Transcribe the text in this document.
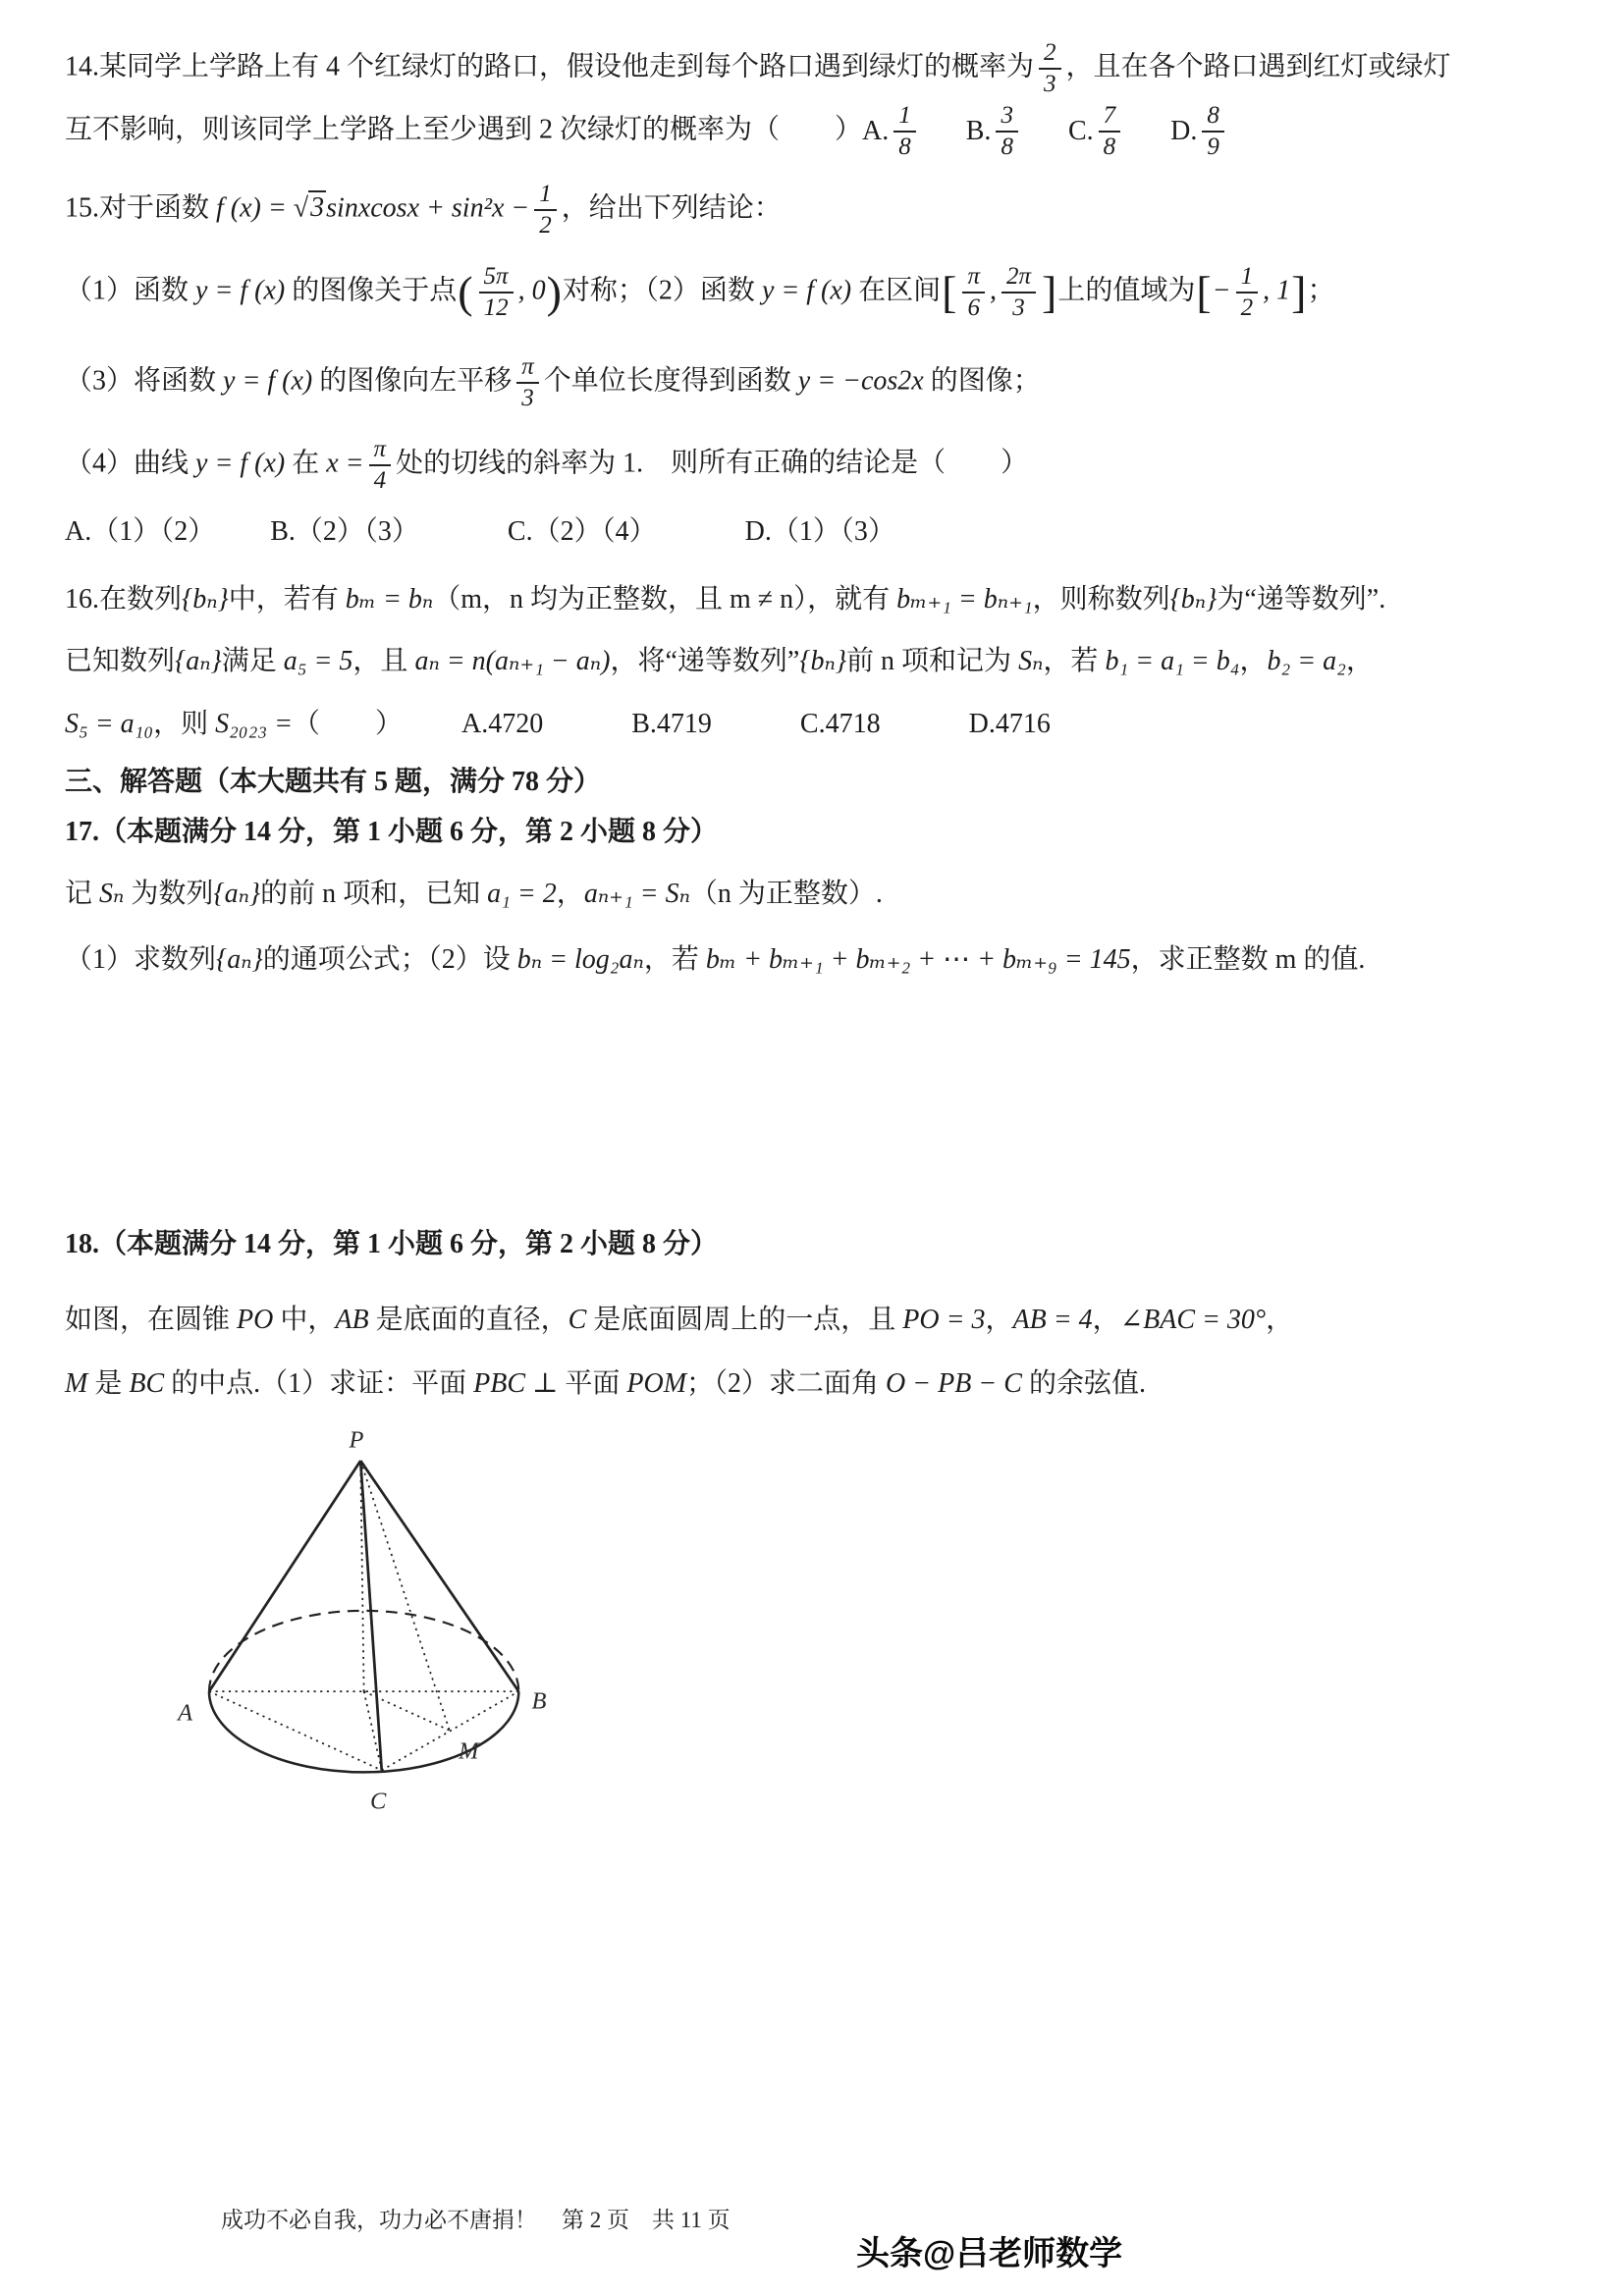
14.某同学上学路上有 4 个红绿灯的路口，假设他走到每个路口遇到绿灯的概率为 $\frac{2}{3}$ ，且在各个路口遇到红灯或绿灯
互不影响，则该同学上学路上至少遇到 2 次绿灯的概率为（　　） A. $\frac{1}{8} B$. $\frac{3}{8} C$. $\frac{7}{8} D$. $\frac{8}{9}$
15.对于函数 f (x) = √3sinxcosx + $\sin^2x - \frac{1}{2}$ ，给出下列结论：
（1）函数 y = f (x) 的图像关于点( $\frac{5\pi}{12}$ , 0)对称；（2）函数 y = f (x) 在区间[ $\frac{\pi}{6}$ , $\frac{2\pi}{3}$ ]上的值域为[− $\frac{1}{2}$ , 1]；
（3）将函数 y = f (x) 的图像向左平移 $\frac{\pi}{3}$ 个单位长度得到函数 y = −cos2x 的图像；
（4）曲线 y = f (x) 在 $x = \frac{\pi}{4}$ 处的切线的斜率为 1. 则所有正确的结论是（　　）
A.（1）（2） B.（2）（3）	C.（2）（4）	D.（1）（3）
16.在数列{bₙ}中，若有 bₘ = bₙ（m，n 均为正整数，且 m ≠ n），就有 bₘ₊₁ = bₙ₊₁，则称数列{bₙ}为“递等数列”.
已知数列{aₙ}满足 a₅ = 5，且 aₙ = n(aₙ₊₁ − aₙ)，将“递等数列”{bₙ}前 n 项和记为 Sₙ，若 b₁ = a₁ = b₄，b₂ = a₂，
S₅ = a₁₀，则 S₂₀₂₃ =（　　） A.4720	B.4719	C.4718	D.4716
三、解答题（本大题共有 5 题，满分 78 分）
17.（本题满分 14 分，第 1 小题 6 分，第 2 小题 8 分）
记 Sₙ 为数列{aₙ}的前 n 项和，已知 a₁ = 2，aₙ₊₁ = Sₙ（n 为正整数）.
（1）求数列{aₙ}的通项公式；（2）设 bₙ = log₂aₙ，若 bₘ + bₘ₊₁ + bₘ₊₂ + ⋯ + bₘ₊₉ = 145，求正整数 m 的值.
18.（本题满分 14 分，第 1 小题 6 分，第 2 小题 8 分）
如图，在圆锥 PO 中，AB 是底面的直径，C 是底面圆周上的一点，且 PO = 3，AB = 4，∠BAC = 30°，
M 是 BC 的中点.（1）求证：平面 PBC ⊥ 平面 POM；（2）求二面角 O − PB − C 的余弦值.
P
A	B
C
M
成功不必自我，功力必不唐捐！ 第 2 页　共 11 页
头条@吕老师数学
